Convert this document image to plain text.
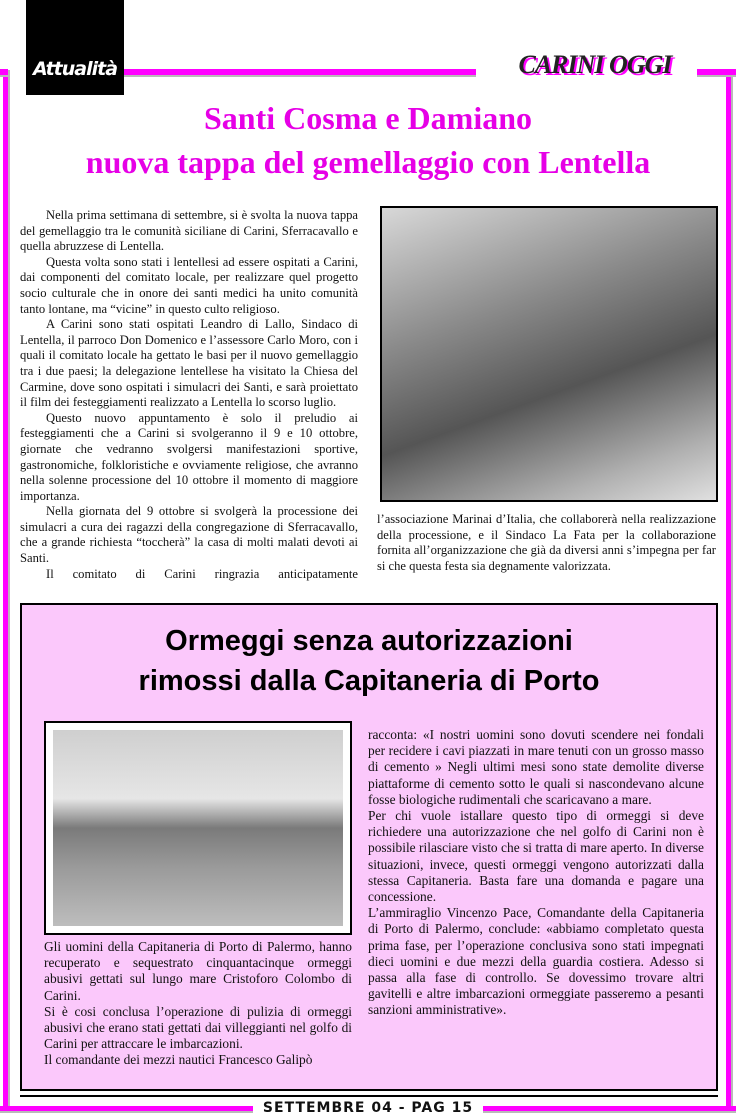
Attualità	CARINI OGGI
Santi Cosma e Damiano
nuova tappa del gemellaggio con Lentella

Nella prima settimana di settembre, si è svolta la nuova tappa del gemellaggio tra le comunità siciliane di Carini, Sferracavallo e quella abruzzese di Lentella.

Questa volta sono stati i lentellesi ad essere ospitati a Carini, dai componenti del comitato locale, per realizzare quel progetto socio culturale che in onore dei santi medici ha unito comunità tanto lontane, ma “vicine” in questo culto religioso.

A Carini sono stati ospitati Leandro di Lallo, Sindaco di Lentella, il parroco Don Domenico e l’assessore Carlo Moro, con i quali il comitato locale ha gettato le basi per il nuovo gemellaggio tra i due paesi; la delegazione lentellese ha visitato la Chiesa del Carmine, dove sono ospitati i simulacri dei Santi, e sarà proiettato il film dei festeggiamenti realizzato a Lentella lo scorso luglio.

Questo nuovo appuntamento è solo il preludio ai festeggiamenti che a Carini si svolgeranno il 9 e 10 ottobre, giornate che vedranno svolgersi manifestazioni sportive, gastronomiche, folkloristiche e ovviamente religiose, che avranno nella solenne processione del 10 ottobre il momento di maggiore importanza.

Nella giornata del 9 ottobre si svolgerà la processione dei simulacri a cura dei ragazzi della congregazione di Sferracavallo, che a grande richiesta “toccherà” la casa di molti malati devoti ai Santi.

Il comitato di Carini ringrazia anticipatamente

l’associazione Marinai d’Italia, che collaborerà nella realizzazione della processione, e il Sindaco La Fata per la collaborazione fornita all’organizzazione che già da diversi anni s’impegna per far si che questa festa sia degnamente valorizzata.
Ormeggi senza autorizzazioni
rimossi dalla Capitaneria di Porto

Gli uomini della Capitaneria di Porto di Palermo, hanno recuperato e sequestrato cinquantacinque ormeggi abusivi gettati sul lungo mare Cristoforo Colombo di Carini.

Si è cosi conclusa l’operazione di pulizia di ormeggi abusivi che erano stati gettati dai villeggianti nel golfo di Carini per attraccare le imbarcazioni.

Il comandante dei mezzi nautici Francesco Galipò

racconta: «I nostri uomini sono dovuti scendere nei fondali per recidere i cavi piazzati in mare tenuti con un grosso masso di cemento » Negli ultimi mesi sono state demolite diverse piattaforme di cemento sotto le quali si nascondevano alcune fosse biologiche rudimentali che scaricavano a mare.

Per chi vuole istallare questo tipo di ormeggi si deve richiedere una autorizzazione che nel golfo di Carini non è possibile rilasciare visto che si tratta di mare aperto. In diverse situazioni, invece, questi ormeggi vengono autorizzati dalla stessa Capitaneria. Basta fare una domanda e pagare una concessione.

L’ammiraglio Vincenzo Pace, Comandante della Capitaneria di Porto di Palermo, conclude: «abbiamo completato questa prima fase, per l’operazione conclusiva sono stati impegnati dieci uomini e due mezzi della guardia costiera. Adesso si passa alla fase di controllo. Se dovessimo trovare altri gavitelli e altre imbarcazioni ormeggiate passeremo a pesanti sanzioni amministrative».

SETTEMBRE 04 - PAG 15
